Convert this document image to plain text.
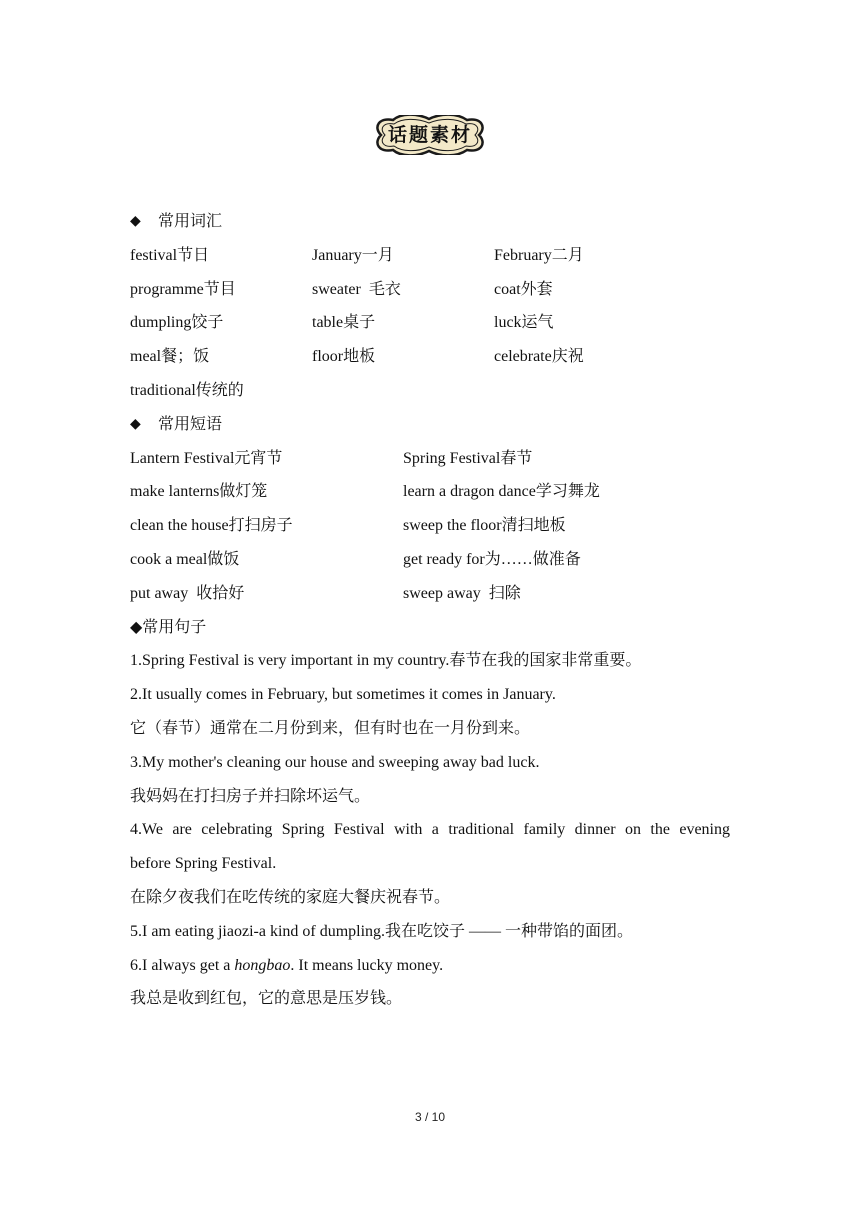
话题素材
◆	常用词汇
festival节日	January一月	February二月
programme节目	sweater  毛衣	coat外套
dumpling饺子	table桌子	luck运气
meal餐；饭	floor地板	celebrate庆祝
traditional传统的
◆	常用短语
Lantern Festival元宵节	Spring Festival春节
make lanterns做灯笼	learn a dragon dance学习舞龙
clean the house打扫房子	sweep the floor清扫地板
cook a meal做饭	get ready for为……做准备
put away  收拾好	sweep away  扫除
◆常用句子
1.Spring Festival is very important in my country.春节在我的国家非常重要。
2.It usually comes in February, but sometimes it comes in January.
它（春节）通常在二月份到来，但有时也在一月份到来。
3.My mother's cleaning our house and sweeping away bad luck.
我妈妈在打扫房子并扫除坏运气。
4.We are celebrating Spring Festival with a traditional family dinner on the evening
before Spring Festival.
在除夕夜我们在吃传统的家庭大餐庆祝春节。
5.I am eating jiaozi-a kind of dumpling.我在吃饺子 —— 一种带馅的面团。
6.I always get a hongbao. It means lucky money.
我总是收到红包，它的意思是压岁钱。
3 / 10
